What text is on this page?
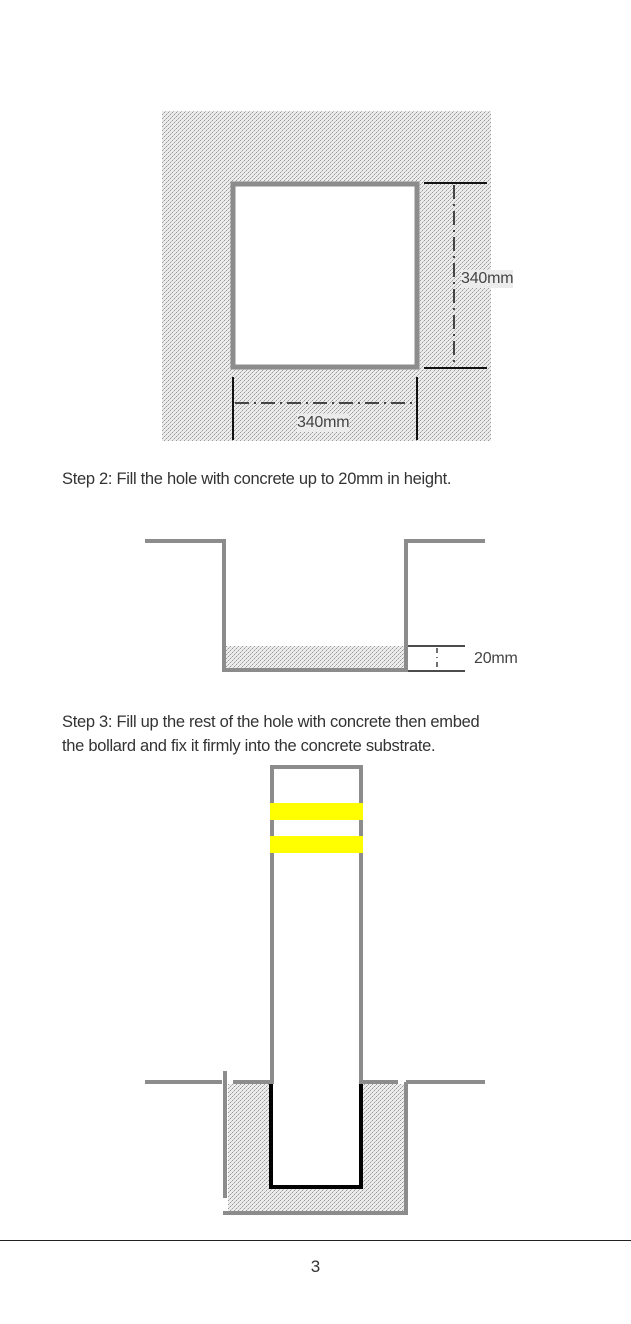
340mm
340mm
Step 2: Fill the hole with concrete up to 20mm in height.
20mm
Step 3: Fill up the rest of the hole with concrete then embed
the bollard and fix it firmly into the concrete substrate.
3
